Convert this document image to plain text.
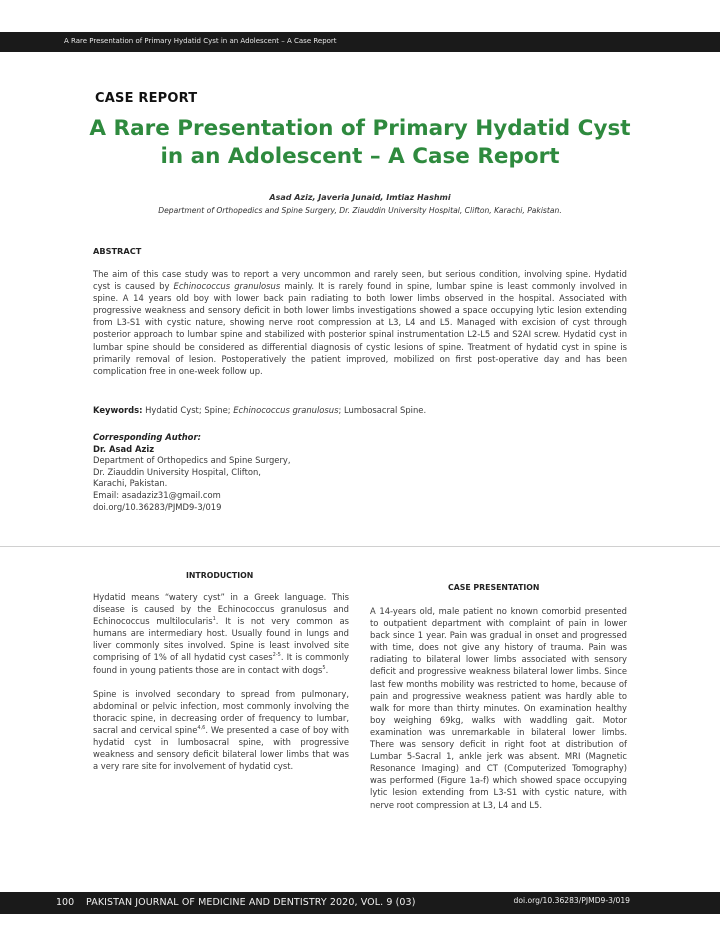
A Rare Presentation of Primary Hydatid Cyst in an Adolescent – A Case Report
CASE REPORT
A Rare Presentation of Primary Hydatid Cyst
in an Adolescent – A Case Report
Asad Aziz, Javeria Junaid, Imtiaz Hashmi
Department of Orthopedics and Spine Surgery, Dr. Ziauddin University Hospital, Clifton, Karachi, Pakistan.
ABSTRACT
The aim of this case study was to report a very uncommon and rarely seen, but serious condition, involving spine. Hydatid cyst is caused by Echinococcus granulosus mainly. It is rarely found in spine, lumbar spine is least commonly involved in spine. A 14 years old boy with lower back pain radiating to both lower limbs observed in the hospital. Associated with progressive weakness and sensory deficit in both lower limbs investigations showed a space occupying lytic lesion extending from L3-S1 with cystic nature, showing nerve root compression at L3, L4 and L5. Managed with excision of cyst through posterior approach to lumbar spine and stabilized with posterior spinal instrumentation L2-L5 and S2AI screw. Hydatid cyst in lumbar spine should be considered as differential diagnosis of cystic lesions of spine. Treatment of hydatid cyst in spine is primarily removal of lesion. Postoperatively the patient improved, mobilized on first post-operative day and has been complication free in one-week follow up.
Keywords: Hydatid Cyst; Spine; Echinococcus granulosus; Lumbosacral Spine.
Corresponding Author:
Dr. Asad Aziz
Department of Orthopedics and Spine Surgery,
Dr. Ziauddin University Hospital, Clifton,
Karachi, Pakistan.
Email: asadaziz31@gmail.com
doi.org/10.36283/PJMD9-3/019
INTRODUCTION

Hydatid means “watery cyst” in a Greek language. This disease is caused by the Echinococcus granulosus and Echinococcus multilocularis$^1$. It is not very common as humans are intermediary host. Usually found in lungs and liver commonly sites involved. Spine is least involved site comprising of 1% of all hydatid cyst cases$^{2-5}$. It is commonly found in young patients those are in contact with dogs$^5$.

Spine is involved secondary to spread from pulmonary, abdominal or pelvic infection, most commonly involving the thoracic spine, in decreasing order of frequency to lumbar, sacral and cervical spine$^{4,6}$. We presented a case of boy with hydatid cyst in lumbosacral spine, with progressive weakness and sensory deficit bilateral lower limbs that was a very rare site for involvement of hydatid cyst.

CASE PRESENTATION

A 14-years old, male patient no known comorbid presented to outpatient department with complaint of pain in lower back since 1 year. Pain was gradual in onset and progressed with time, does not give any history of trauma. Pain was radiating to bilateral lower limbs associated with sensory deficit and progressive weakness bilateral lower limbs. Since last few months mobility was restricted to home, because of pain and progressive weakness patient was hardly able to walk for more than thirty minutes. On examination healthy boy weighing 69kg, walks with waddling gait. Motor examination was unremarkable in bilateral lower limbs. There was sensory deficit in right foot at distribution of Lumbar 5-Sacral 1, ankle jerk was absent. MRI (Magnetic Resonance Imaging) and CT (Computerized Tomography) was performed (Figure 1a-f) which showed space occupying lytic lesion extending from L3-S1 with cystic nature, with nerve root compression at L3, L4 and L5.

100 PAKISTAN JOURNAL OF MEDICINE AND DENTISTRY 2020, VOL. 9 (03)	doi.org/10.36283/PJMD9-3/019
